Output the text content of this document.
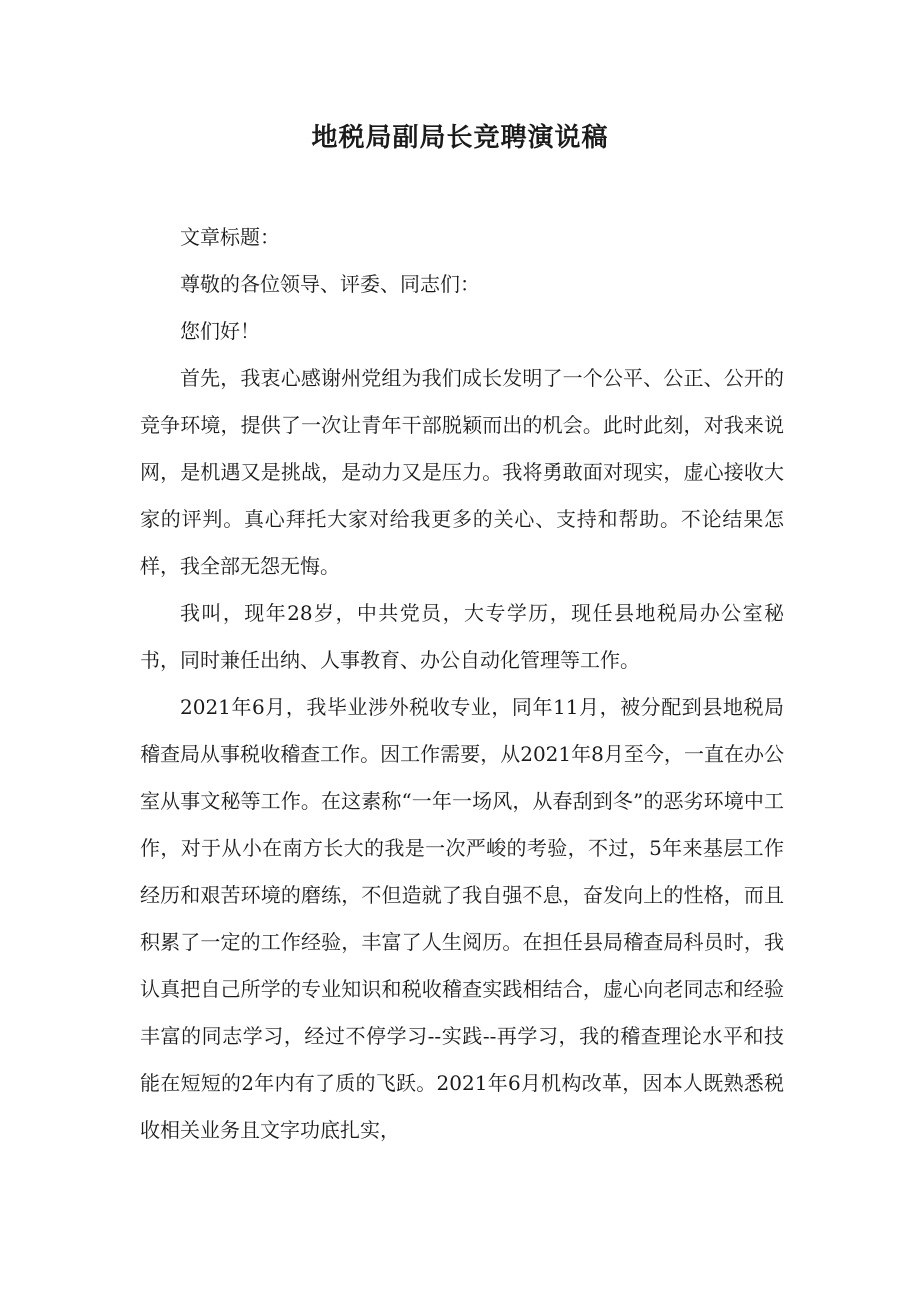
地税局副局长竞聘演说稿

文章标题：

尊敬的各位领导、评委、同志们：

您们好！

首先，我衷心感谢州党组为我们成长发明了一个公平、公正、公开的竞争环境，提供了一次让青年干部脱颖而出的机会。此时此刻，对我来说网，是机遇又是挑战，是动力又是压力。我将勇敢面对现实，虚心接收大家的评判。真心拜托大家对给我更多的关心、支持和帮助。不论结果怎样，我全部无怨无悔。

我叫，现年28岁，中共党员，大专学历，现任县地税局办公室秘书，同时兼任出纳、人事教育、办公自动化管理等工作。

2021年6月，我毕业涉外税收专业，同年11月，被分配到县地税局稽查局从事税收稽查工作。因工作需要，从2021年8月至今，一直在办公室从事文秘等工作。在这素称“一年一场风，从春刮到冬”的恶劣环境中工作，对于从小在南方长大的我是一次严峻的考验，不过，5年来基层工作经历和艰苦环境的磨练，不但造就了我自强不息，奋发向上的性格，而且积累了一定的工作经验，丰富了人生阅历。在担任县局稽查局科员时，我认真把自己所学的专业知识和税收稽查实践相结合，虚心向老同志和经验丰富的同志学习，经过不停学习--实践--再学习，我的稽查理论水平和技能在短短的2年内有了质的飞跃。2021年6月机构改革，因本人既熟悉税收相关业务且文字功底扎实，
